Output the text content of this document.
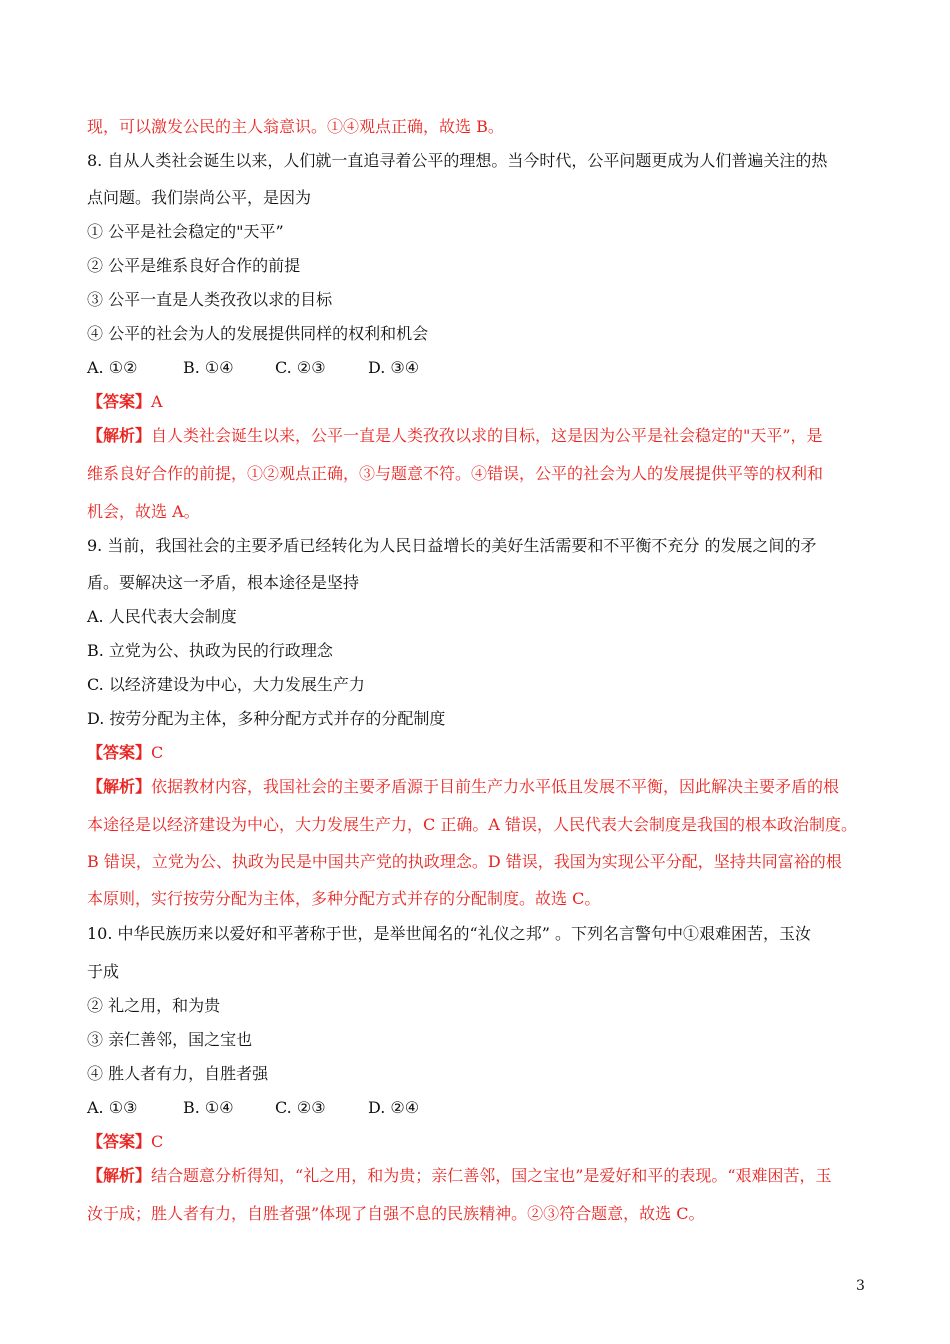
现，可以激发公民的主人翁意识。①④观点正确，故选 B。
8. 自从人类社会诞生以来，人们就一直追寻着公平的理想。当今时代，公平问题更成为人们普遍关注的热
点问题。我们崇尚公平，是因为
① 公平是社会稳定的"天平”
② 公平是维系良好合作的前提
③ 公平一直是人类孜孜以求的目标
④ 公平的社会为人的发展提供同样的权利和机会
A. ①②	B. ①④	C. ②③	D. ③④
【答案】A
【解析】自人类社会诞生以来，公平一直是人类孜孜以求的目标，这是因为公平是社会稳定的"天平”，是
维系良好合作的前提，①②观点正确，③与题意不符。④错误，公平的社会为人的发展提供平等的权利和
机会，故选 A。
9. 当前，我国社会的主要矛盾已经转化为人民日益增长的美好生活需要和不平衡不充分 的发展之间的矛
盾。要解决这一矛盾，根本途径是坚持
A. 人民代表大会制度
B. 立党为公、执政为民的行政理念
C. 以经济建设为中心，大力发展生产力
D. 按劳分配为主体，多种分配方式并存的分配制度
【答案】C
【解析】依据教材内容，我国社会的主要矛盾源于目前生产力水平低且发展不平衡，因此解决主要矛盾的根
本途径是以经济建设为中心，大力发展生产力，C 正确。A 错误，人民代表大会制度是我国的根本政治制度。
B 错误，立党为公、执政为民是中国共产党的执政理念。D 错误，我国为实现公平分配，坚持共同富裕的根
本原则，实行按劳分配为主体，多种分配方式并存的分配制度。故选 C。
10. 中华民族历来以爱好和平著称于世，是举世闻名的“礼仪之邦” 。下列名言警句中①艰难困苦，玉汝
于成
② 礼之用，和为贵
③ 亲仁善邻，国之宝也
④ 胜人者有力，自胜者强
A. ①③	B. ①④	C. ②③	D. ②④
【答案】C
【解析】结合题意分析得知，“礼之用，和为贵；亲仁善邻，国之宝也”是爱好和平的表现。“艰难困苦，玉
汝于成；胜人者有力，自胜者强”体现了自强不息的民族精神。②③符合题意，故选 C。
3
